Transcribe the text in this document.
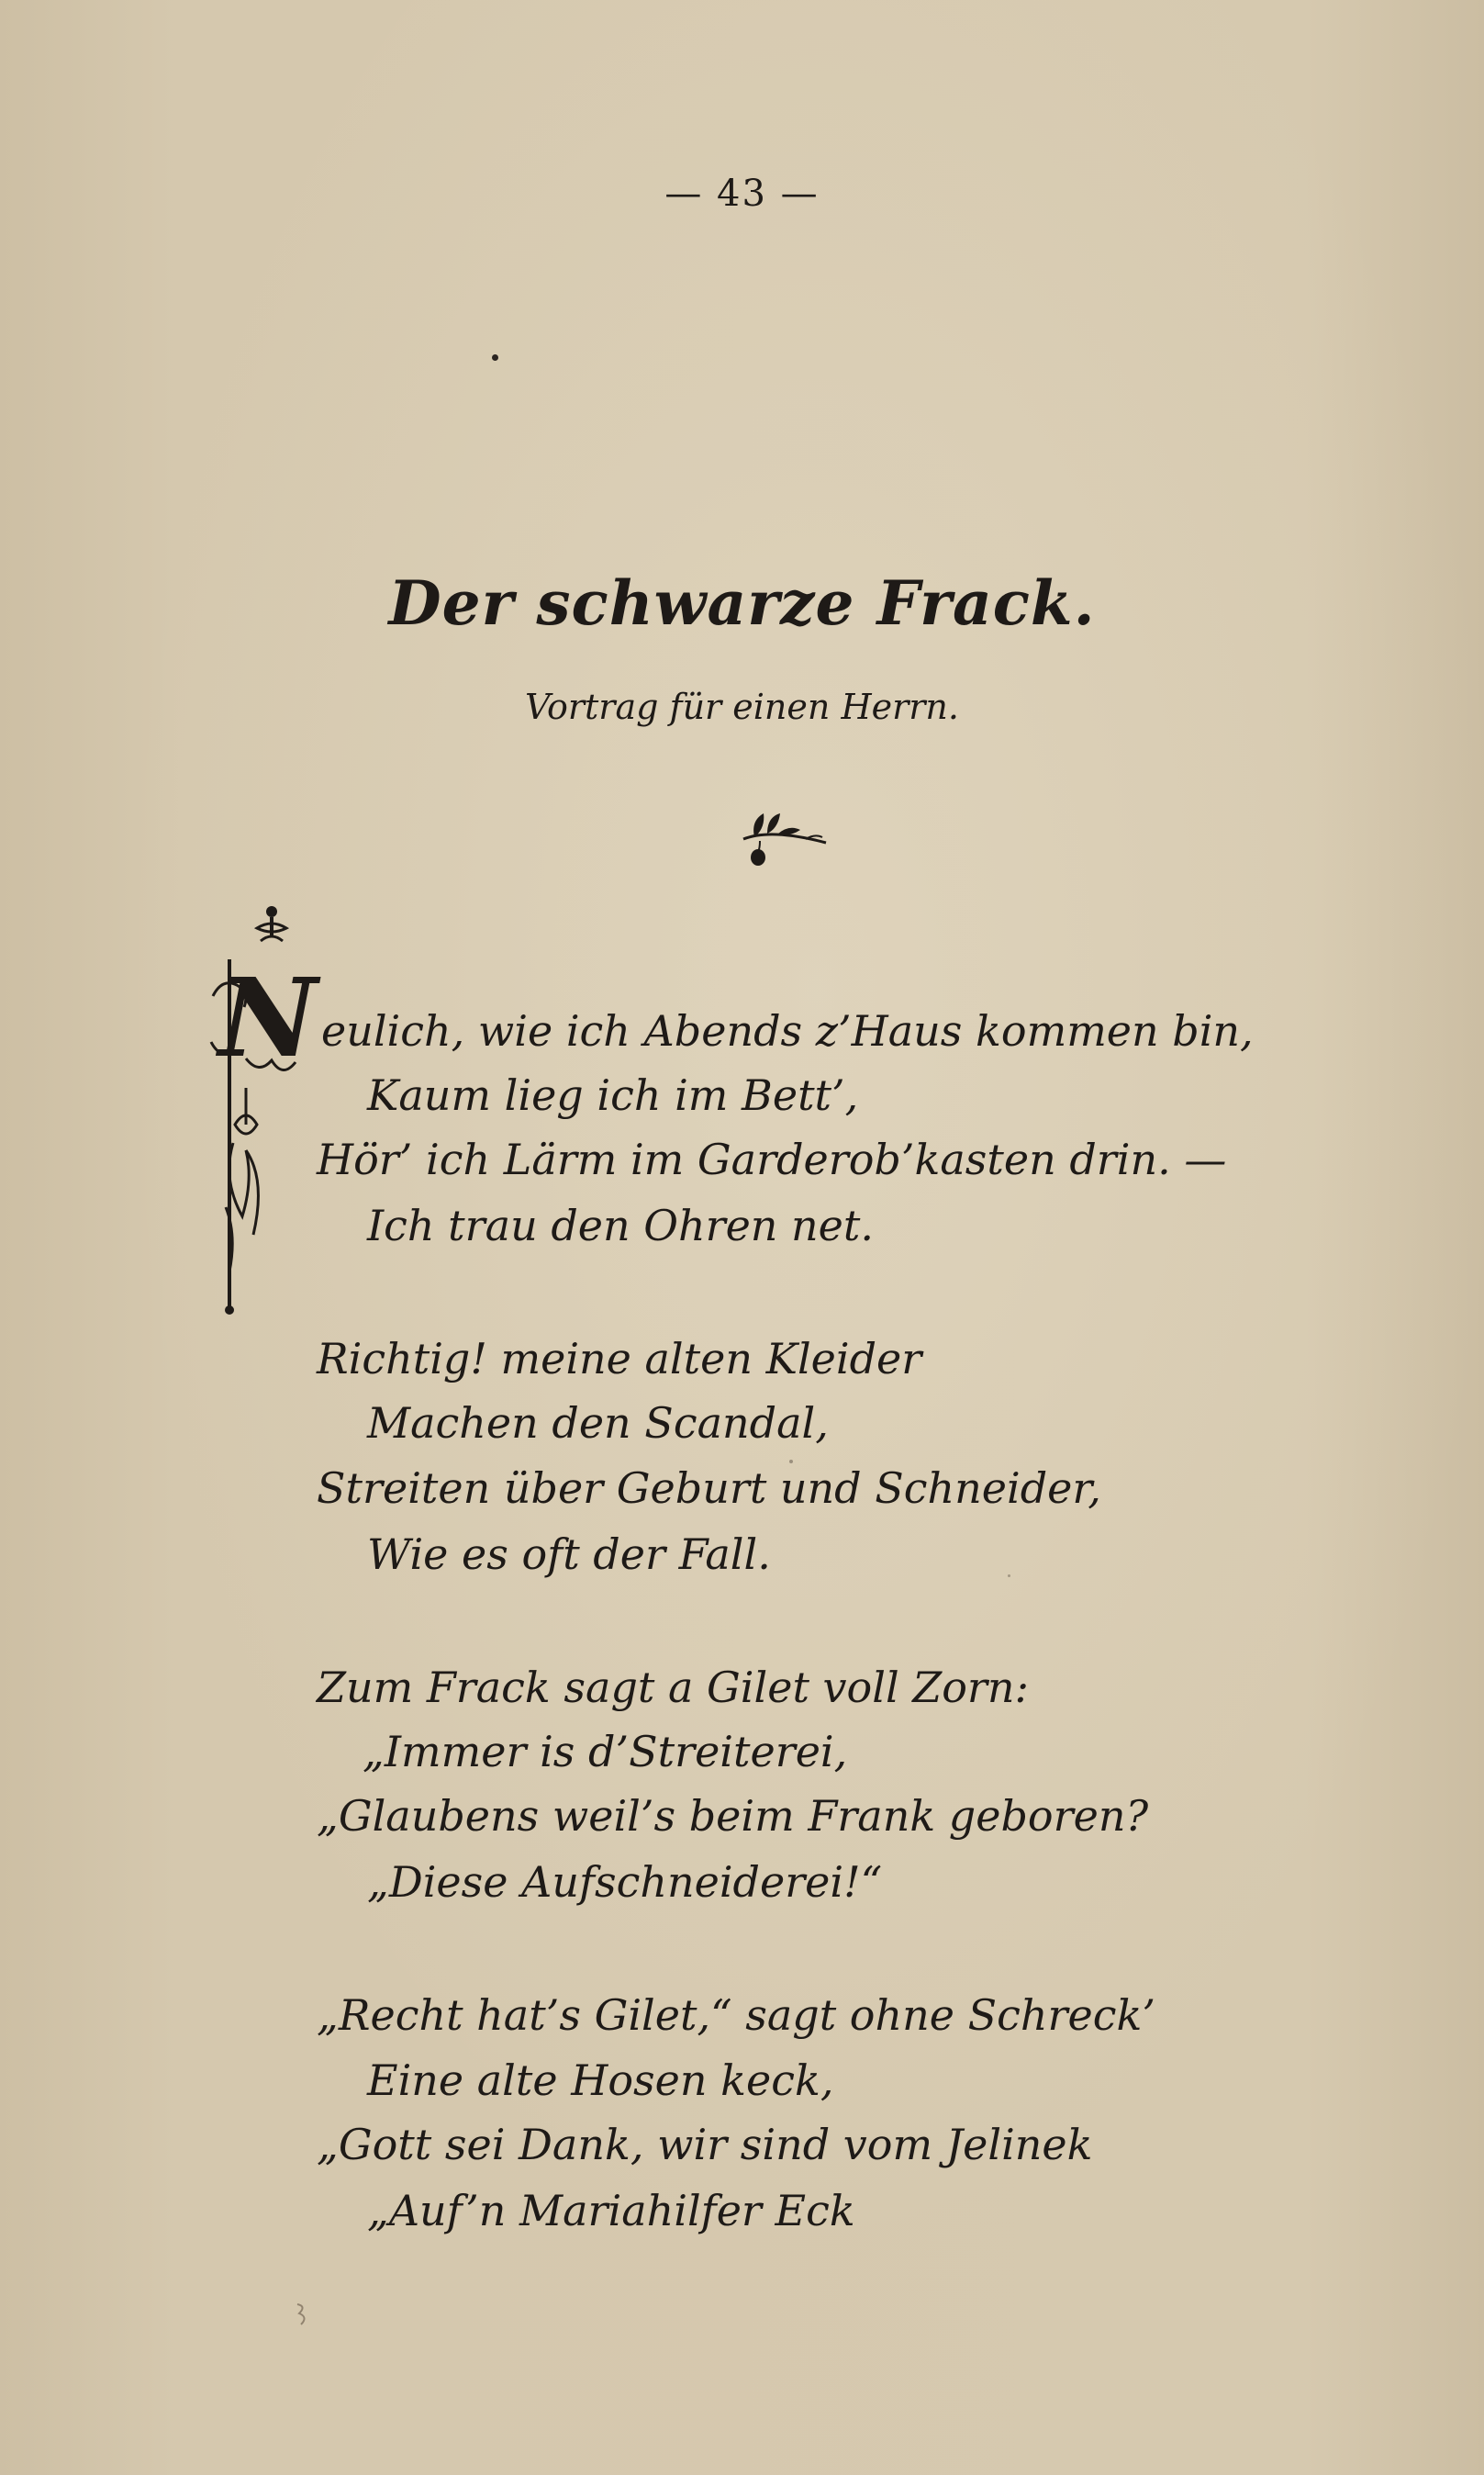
— 43 —
Der schwarze Frack.
Vortrag für einen Herrn.
N eulich, wie ich Abends z’Haus kommen bin,
Kaum lieg ich im Bett’,
Hör’ ich Lärm im Garderob’kasten drin. —
Ich trau den Ohren net.
Richtig! meine alten Kleider
Machen den Scandal,
Streiten über Geburt und Schneider,
Wie es oft der Fall.
Zum Frack sagt a Gilet voll Zorn:
„Immer is d’Streiterei,
„Glaubens weil’s beim Frank geboren?
„Diese Aufschneiderei!“
„Recht hat’s Gilet,“ sagt ohne Schreck’
Eine alte Hosen keck,
„Gott sei Dank, wir sind vom Jelinek
„Auf’n Mariahilfer Eck
